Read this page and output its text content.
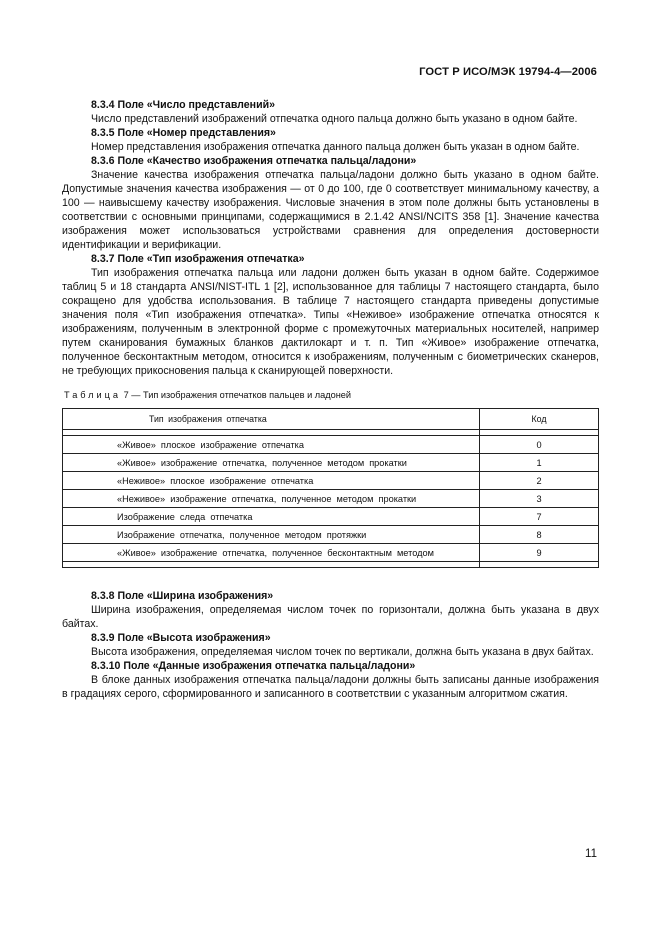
ГОСТ Р ИСО/МЭК 19794-4—2006

8.3.4 Поле «Число представлений»

Число представлений изображений отпечатка одного пальца должно быть указано в одном байте.

8.3.5 Поле «Номер представления»

Номер представления изображения отпечатка данного пальца должен быть указан в одном байте.

8.3.6 Поле «Качество изображения отпечатка пальца/ладони»

Значение качества изображения отпечатка пальца/ладони должно быть указано в одном байте. Допустимые значения качества изображения — от 0 до 100, где 0 соответствует минимальному качеству, а 100 — наивысшему качеству изображения. Числовые значения в этом поле должны быть установлены в соответствии с основными принципами, содержащимися в 2.1.42 ANSI/NCITS 358 [1]. Значение качества изображения может использоваться устройствами сравнения для определения достоверности идентификации и верификации.

8.3.7 Поле «Тип изображения отпечатка»

Тип изображения отпечатка пальца или ладони должен быть указан в одном байте. Содержимое таблиц 5 и 18 стандарта ANSI/NIST-ITL 1 [2], использованное для таблицы 7 настоящего стандарта, было сокращено для удобства использования. В таблице 7 настоящего стандарта приведены допустимые значения поля «Тип изображения отпечатка». Типы «Неживое» изображение отпечатка относятся к изображениям, полученным в электронной форме с промежуточных материальных носителей, например путем сканирования бумажных бланков дактилокарт и т. п. Тип «Живое» изображение отпечатка, полученное бесконтактным методом, относится к изображениям, полученным с биометрических сканеров, не требующих прикосновения пальца к сканирующей поверхности.

Таблица 7 — Тип изображения отпечатков пальцев и ладоней
Тип изображения отпечатка	Код

«Живое» плоское изображение отпечатка	0
«Живое» изображение отпечатка, полученное методом прокатки	1
«Неживое» плоское изображение отпечатка	2
«Неживое» изображение отпечатка, полученное методом прокатки	3
Изображение следа отпечатка	7
Изображение отпечатка, полученное методом протяжки	8
«Живое» изображение отпечатка, полученное бесконтактным методом	9

8.3.8 Поле «Ширина изображения»

Ширина изображения, определяемая числом точек по горизонтали, должна быть указана в двух байтах.

8.3.9 Поле «Высота изображения»

Высота изображения, определяемая числом точек по вертикали, должна быть указана в двух байтах.

8.3.10 Поле «Данные изображения отпечатка пальца/ладони»

В блоке данных изображения отпечатка пальца/ладони должны быть записаны данные изображения в градациях серого, сформированного и записанного в соответствии с указанным алгоритмом сжатия.

11
